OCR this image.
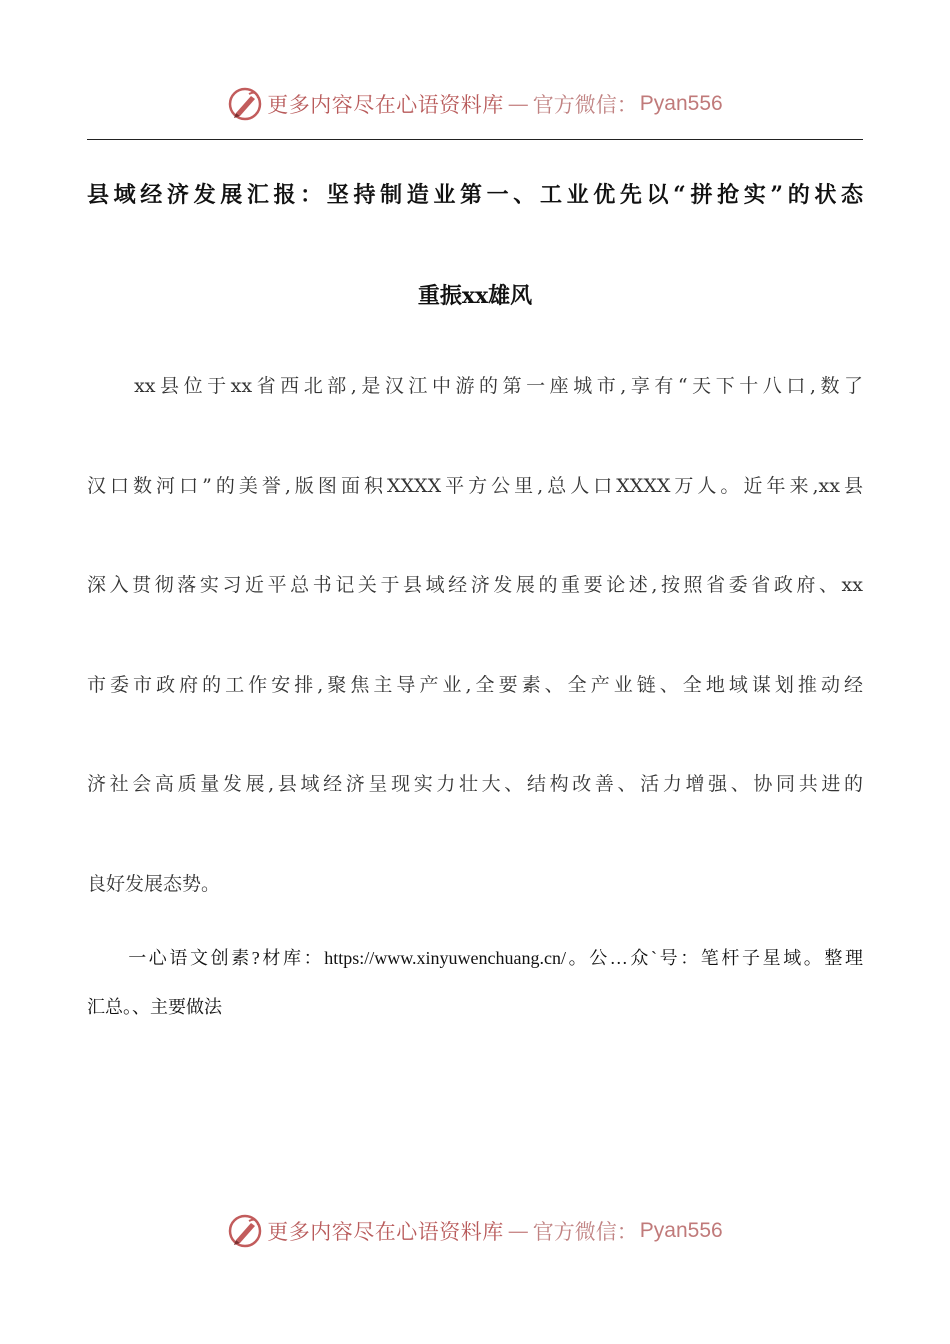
更多内容尽在心语资料库 — 官方微信： Pyan556
县域经济发展汇报：坚持制造业第一、工业优先以“拼抢实”的状态
重振xx雄风
　　xx县位于xx省西北部,是汉江中游的第一座城市,享有“天下十八口,数了
汉口数河口”的美誉,版图面积XXXX平方公里,总人口XXXX万人。近年来,xx县
深入贯彻落实习近平总书记关于县域经济发展的重要论述,按照省委省政府、xx
市委市政府的工作安排,聚焦主导产业,全要素、全产业链、全地域谋划推动经
济社会高质量发展,县域经济呈现实力壮大、结构改善、活力增强、协同共进的
良好发展态势。
　　一心语文创素?材库：https://www.xinyuwenchuang.cn/。公…众`号：笔杆子星域。整理
汇总。、主要做法
更多内容尽在心语资料库 — 官方微信： Pyan556
